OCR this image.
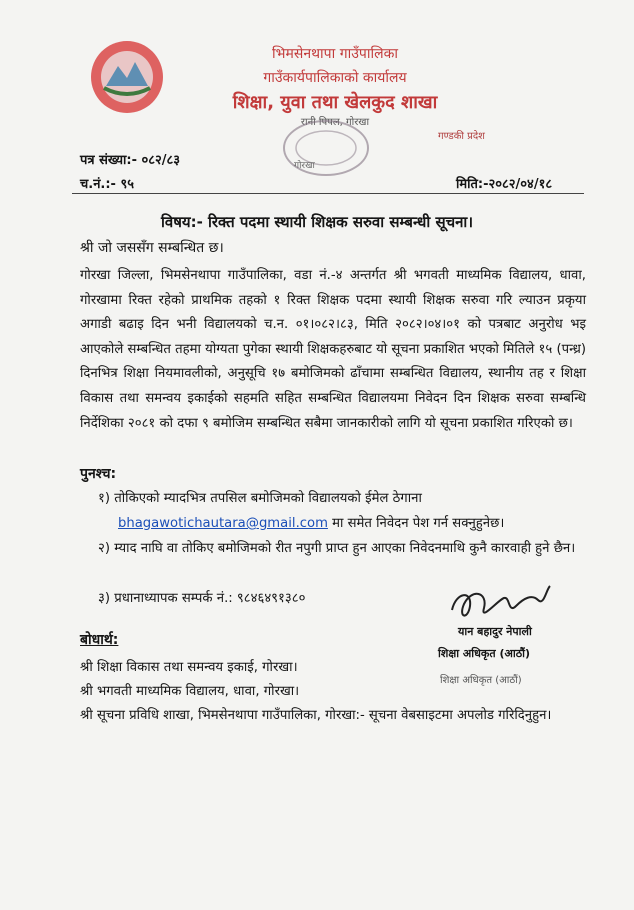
भिमसेनथापा गाउँपालिका
गाउँकार्यपालिकाको कार्यालय
शिक्षा, युवा तथा खेलकुद शाखा
रानी पिपल, गोरखा
गण्डकी प्रदेश
गोरखा
पत्र संख्या:- ०८२/८३
च.नं.:- ९५	मिति:-२०८२/०४/१८
विषय:- रिक्त पदमा स्थायी शिक्षक सरुवा सम्बन्धी सूचना।
श्री जो जससँग सम्बन्धित छ।
गोरखा जिल्ला, भिमसेनथापा गाउँपालिका, वडा नं.-४ अन्तर्गत श्री भगवती माध्यमिक विद्यालय, धावा, गोरखामा रिक्त रहेको प्राथमिक तहको १ रिक्त शिक्षक पदमा स्थायी शिक्षक सरुवा गरि ल्याउन प्रकृया अगाडी बढाइ दिन भनी विद्यालयको च.न. ०१।०८२।८३, मिति २०८२।०४।०१ को पत्रबाट अनुरोध भइ आएकोले सम्बन्धित तहमा योग्यता पुगेका स्थायी शिक्षकहरुबाट यो सूचना प्रकाशित भएको मितिले १५ (पन्ध्र) दिनभित्र शिक्षा नियमावलीको, अनुसूचि १७ बमोजिमको ढाँचामा सम्बन्धित विद्यालय, स्थानीय तह र शिक्षा विकास तथा समन्वय इकाईको सहमति सहित सम्बन्धित विद्यालयमा निवेदन दिन शिक्षक सरुवा सम्बन्धि निर्देशिका २०८१ को दफा ९ बमोजिम सम्बन्धित सबैमा जानकारीको लागि यो सूचना प्रकाशित गरिएको छ।
पुनश्च:
१) तोकिएको म्यादभित्र तपसिल बमोजिमको विद्यालयको ईमेल ठेगाना
bhagawotichautara@gmail.com मा समेत निवेदन पेश गर्न सक्नुहुनेछ।
२) म्याद नाघि वा तोकिए बमोजिमको रीत नपुगी प्राप्त हुन आएका निवेदनमाथि कुनै कारवाही हुने छैन।
३) प्रधानाध्यापक सम्पर्क नं.: ९८४६४९१३८०
यान बहादुर नेपाली
शिक्षा अधिकृत (आठौं)
शिक्षा अधिकृत (आठौं)
बोधार्थ:
श्री शिक्षा विकास तथा समन्वय इकाई, गोरखा।
श्री भगवती माध्यमिक विद्यालय, धावा, गोरखा।
श्री सूचना प्रविधि शाखा, भिमसेनथापा गाउँपालिका, गोरखा:- सूचना वेबसाइटमा अपलोड गरिदिनुहुन।
